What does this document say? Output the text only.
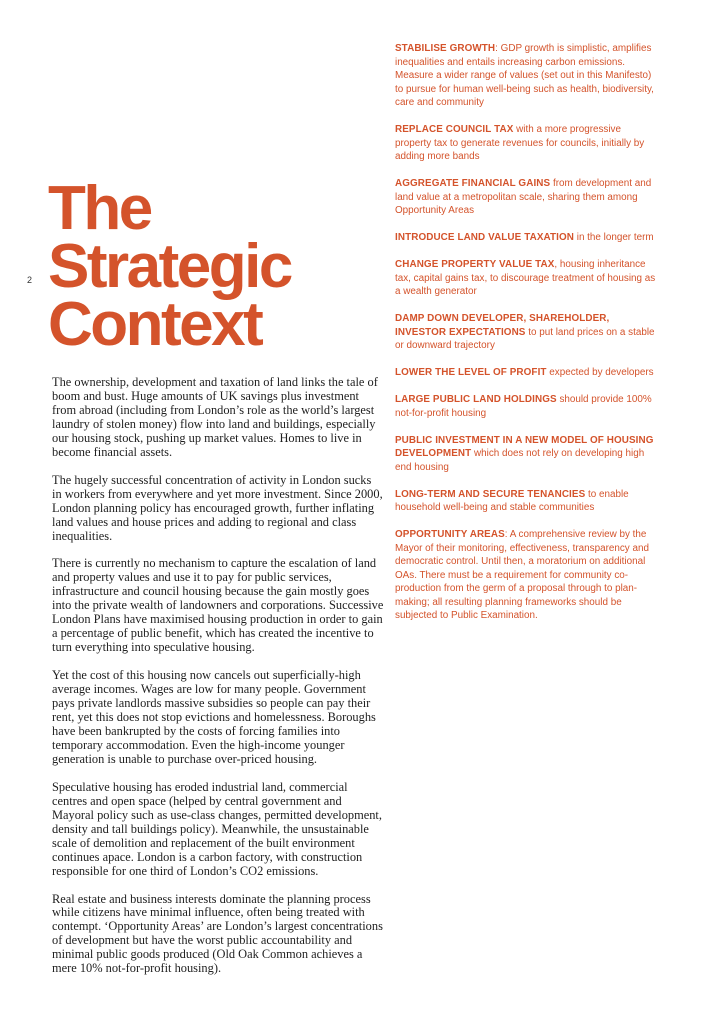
2
The
Strategic
Context

The ownership, development and taxation of land links the tale of boom and bust. Huge amounts of UK savings plus investment from abroad (including from London’s role as the world’s largest laundry of stolen money) flow into land and buildings, especially our housing stock, pushing up market values. Homes to live in become financial assets.

The hugely successful concentration of activity in London sucks in workers from everywhere and yet more investment. Since 2000, London planning policy has encouraged growth, further inflating land values and house prices and adding to regional and class inequalities.

There is currently no mechanism to capture the escalation of land and property values and use it to pay for public services, infrastructure and council housing because the gain mostly goes into the private wealth of landowners and corporations. Successive London Plans have maximised housing production in order to gain a percentage of public benefit, which has created the incentive to turn everything into speculative housing.

Yet the cost of this housing now cancels out superficially-high average incomes. Wages are low for many people. Government pays private landlords massive subsidies so people can pay their rent, yet this does not stop evictions and homelessness. Boroughs have been bankrupted by the costs of forcing families into temporary accommodation. Even the high-income younger generation is unable to purchase over-priced housing.

Speculative housing has eroded industrial land, commercial centres and open space (helped by central government and Mayoral policy such as use-class changes, permitted development, density and tall buildings policy). Meanwhile, the unsustainable scale of demolition and replacement of the built environment continues apace. London is a carbon factory, with construction responsible for one third of London’s CO2 emissions.

Real estate and business interests dominate the planning process while citizens have minimal influence, often being treated with contempt. ‘Opportunity Areas’ are London’s largest concentrations of development but have the worst public accountability and minimal public goods produced (Old Oak Common achieves a mere 10% not-for-profit housing).

STABILISE GROWTH: GDP growth is simplistic, amplifies inequalities and entails increasing carbon emissions. Measure a wider range of values (set out in this Manifesto) to pursue for human well-being such as health, biodiversity, care and community

REPLACE COUNCIL TAX with a more progressive property tax to generate revenues for councils, initially by adding more bands

AGGREGATE FINANCIAL GAINS from development and land value at a metropolitan scale, sharing them among Opportunity Areas

INTRODUCE LAND VALUE TAXATION in the longer term

CHANGE PROPERTY VALUE TAX, housing inheritance tax, capital gains tax, to discourage treatment of housing as a wealth generator

DAMP DOWN DEVELOPER, SHAREHOLDER, INVESTOR EXPECTATIONS to put land prices on a stable or downward trajectory

LOWER THE LEVEL OF PROFIT expected by developers

LARGE PUBLIC LAND HOLDINGS should provide 100% not-for-profit housing

PUBLIC INVESTMENT IN A NEW MODEL OF HOUSING DEVELOPMENT which does not rely on developing high end housing

LONG-TERM AND SECURE TENANCIES to enable household well-being and stable communities

OPPORTUNITY AREAS: A comprehensive review by the Mayor of their monitoring, effectiveness, transparency and democratic control. Until then, a moratorium on additional OAs. There must be a requirement for community co-production from the germ of a proposal through to plan-making; all resulting planning frameworks should be subjected to Public Examination.
